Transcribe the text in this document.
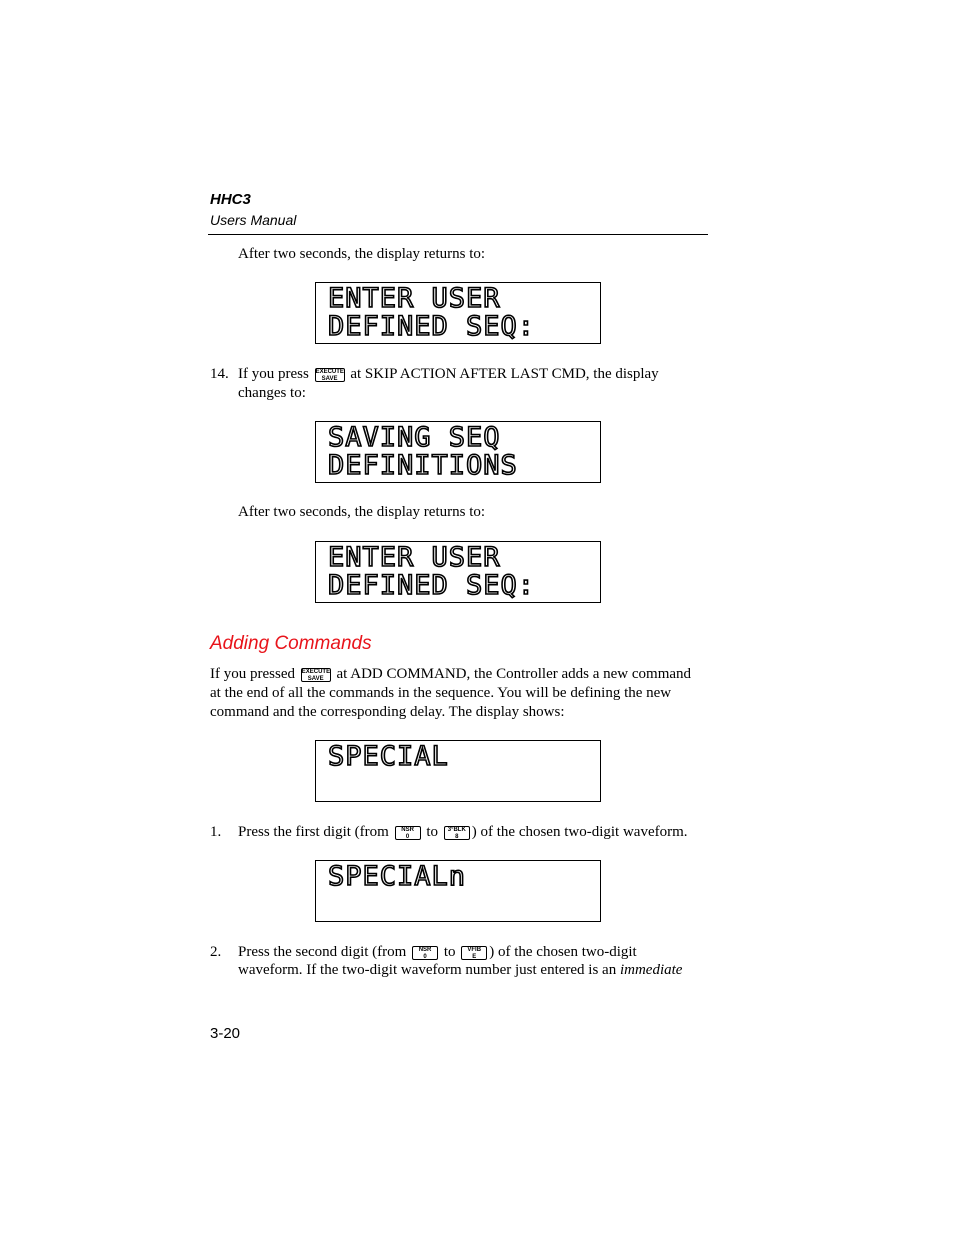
HHC3
Users Manual
After two seconds, the display returns to:
ENTER USER
DEFINED SEQ:
14. If you press EXECUTE
SAVE at SKIP ACTION AFTER LAST CMD, the display
changes to:
SAVING SEQ
DEFINITIONS
After two seconds, the display returns to:
ENTER USER
DEFINED SEQ:
Adding Commands
If you pressed EXECUTE
SAVE at ADD COMMAND, the Controller adds a new command
at the end of all the commands in the sequence. You will be defining the new
command and the corresponding delay. The display shows:
SPECIAL
1. Press the first digit (from	NSR
0	to	3°BLK
8 ) of the chosen two-digit waveform.
SPECIALn
2. Press the second digit (from	NSR
0	to	VFIB
E ) of the chosen two-digit
waveform. If the two-digit waveform number just entered is an immediate
3-20
